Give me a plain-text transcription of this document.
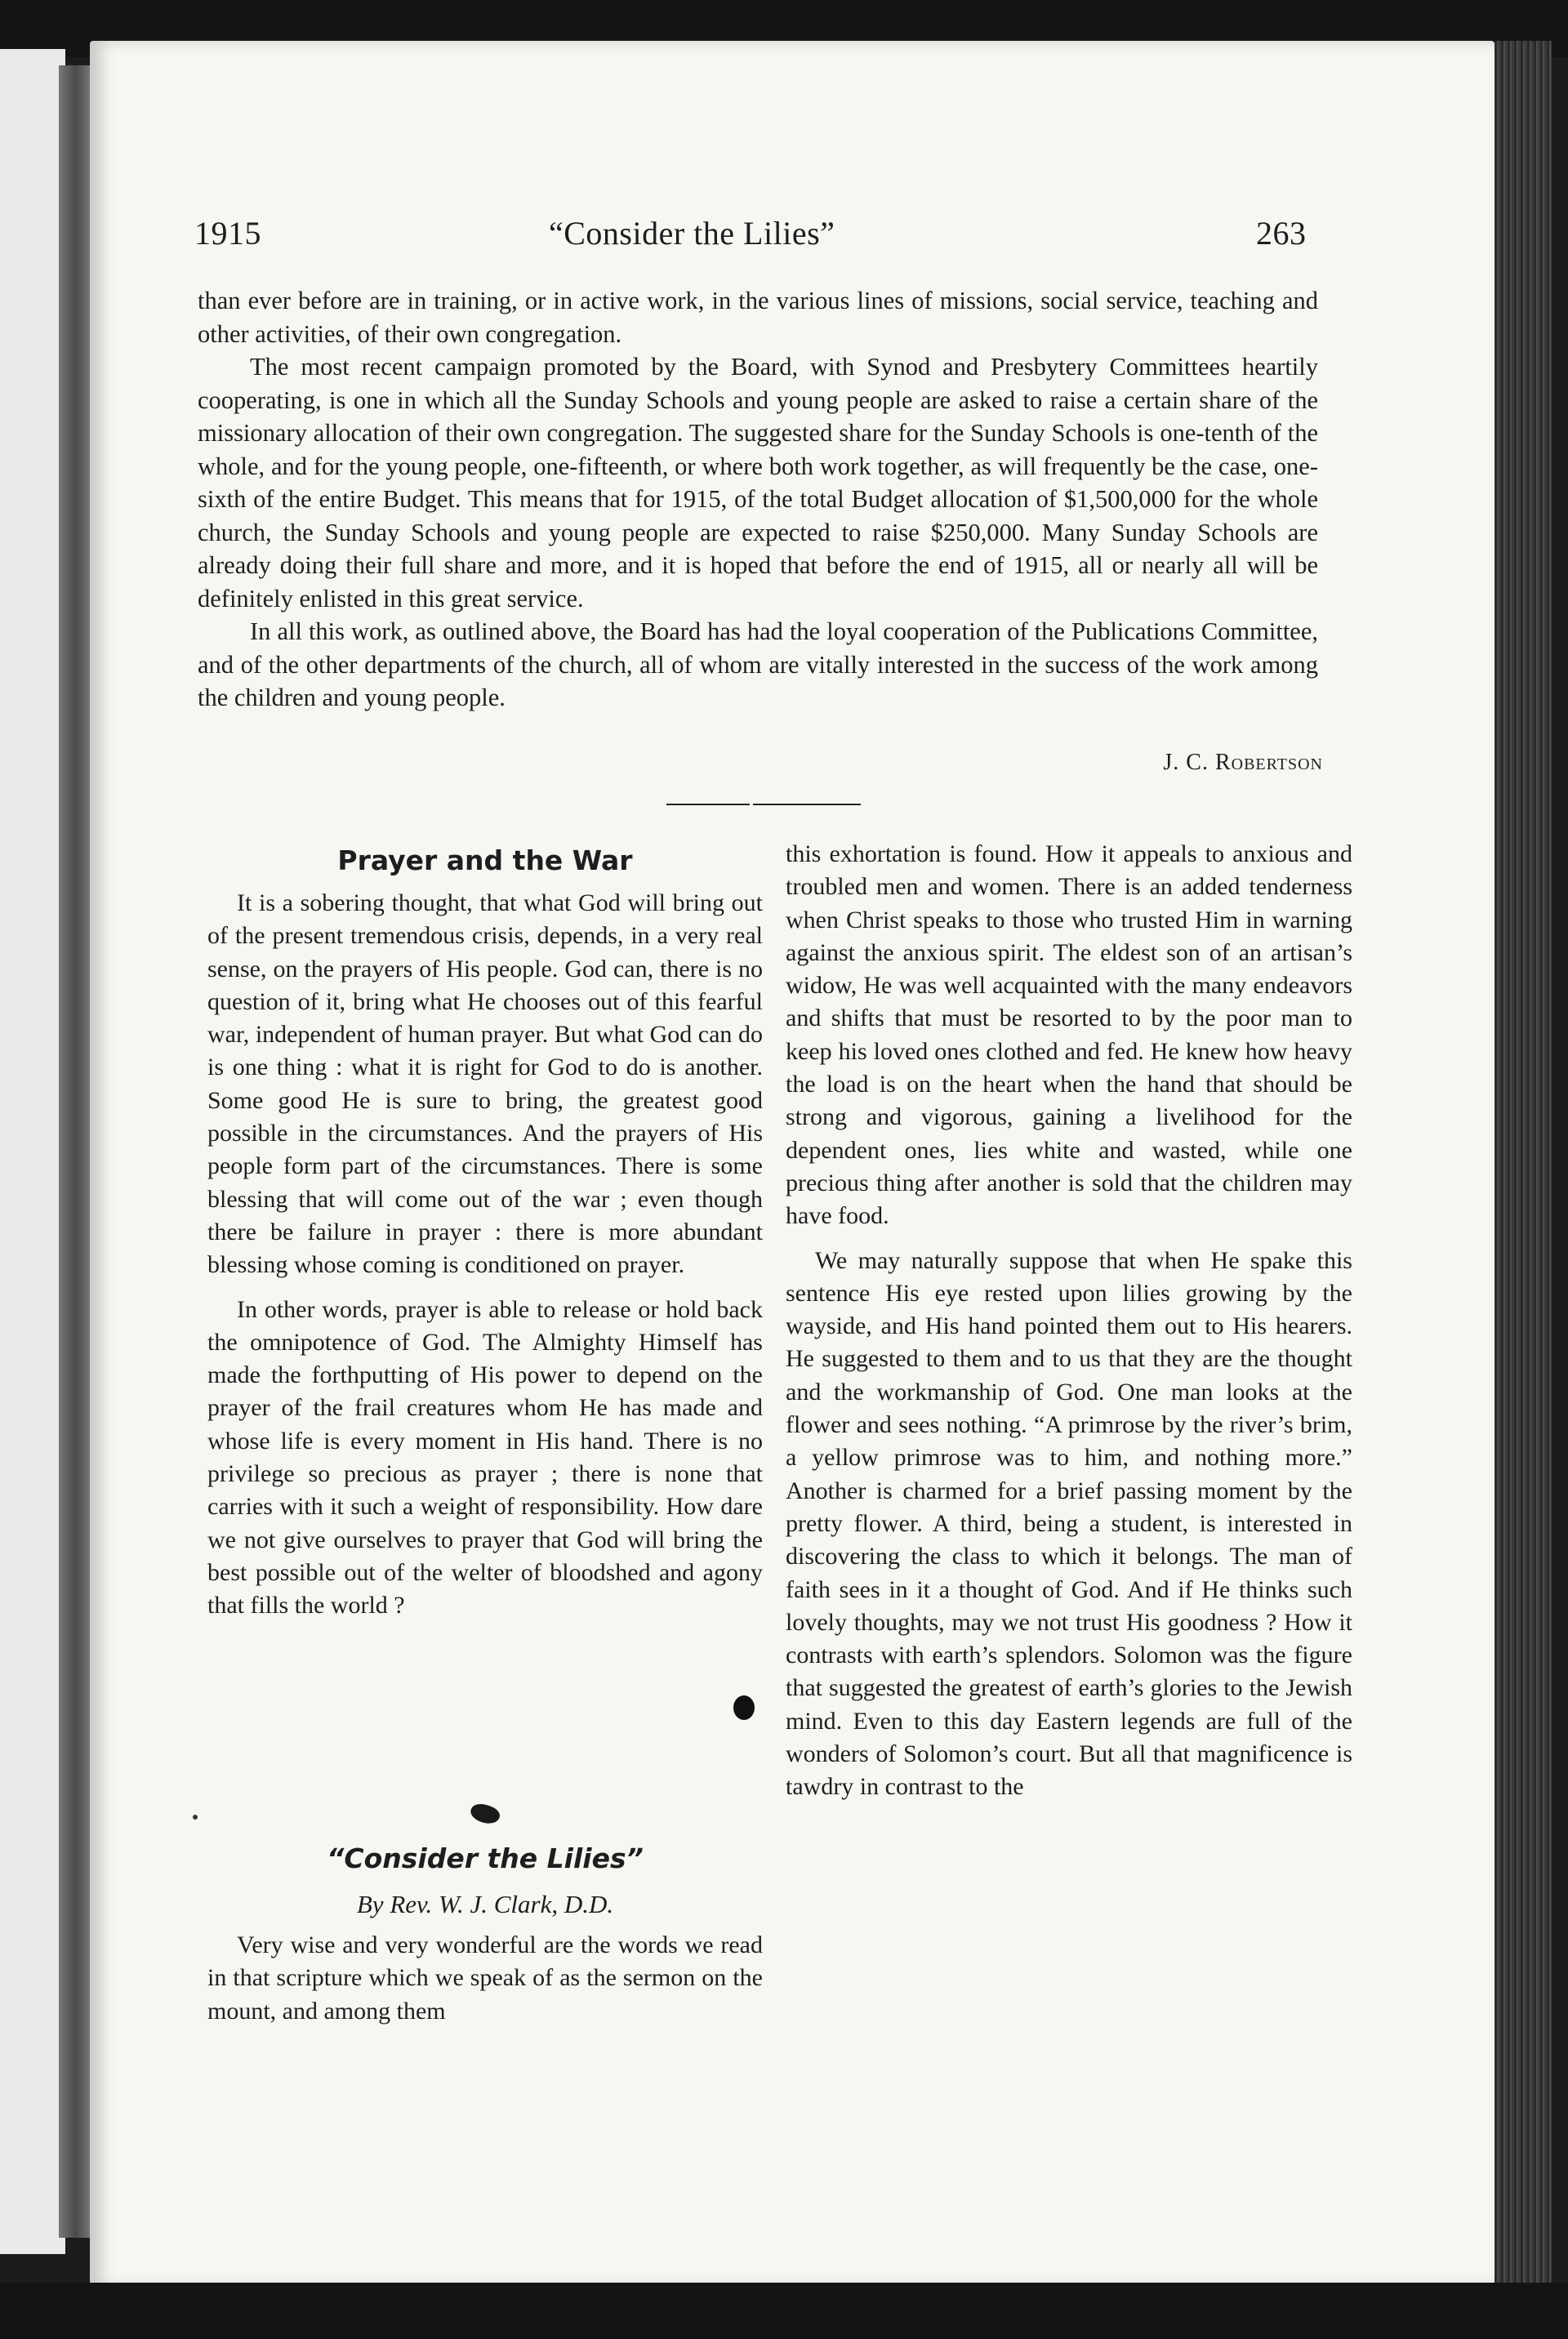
1915	“Consider the Lilies”	263

than ever before are in training, or in active work, in the various lines of missions, social service, teaching and other activities, of their own congregation.

The most recent campaign promoted by the Board, with Synod and Presbytery Committees heartily cooperating, is one in which all the Sunday Schools and young people are asked to raise a certain share of the missionary allocation of their own congregation. The suggested share for the Sunday Schools is one-tenth of the whole, and for the young people, one-fifteenth, or where both work together, as will frequently be the case, one-sixth of the entire Budget. This means that for 1915, of the total Budget allocation of $1,500,000 for the whole church, the Sunday Schools and young people are expected to raise $250,000. Many Sunday Schools are already doing their full share and more, and it is hoped that before the end of 1915, all or nearly all will be definitely enlisted in this great service.

In all this work, as outlined above, the Board has had the loyal cooperation of the Publications Committee, and of the other departments of the church, all of whom are vitally interested in the success of the work among the children and young people.

J. C. Robertson
Prayer and the War

It is a sobering thought, that what God will bring out of the present tremendous crisis, depends, in a very real sense, on the prayers of His people. God can, there is no question of it, bring what He chooses out of this fearful war, independent of human prayer. But what God can do is one thing : what it is right for God to do is another. Some good He is sure to bring, the greatest good possible in the circumstances. And the prayers of His people form part of the circumstances. There is some blessing that will come out of the war ; even though there be failure in prayer : there is more abundant blessing whose coming is conditioned on prayer.

In other words, prayer is able to release or hold back the omnipotence of God. The Almighty Himself has made the forthputting of His power to depend on the prayer of the frail creatures whom He has made and whose life is every moment in His hand. There is no privilege so precious as prayer ; there is none that carries with it such a weight of responsibility. How dare we not give ourselves to prayer that God will bring the best possible out of the welter of bloodshed and agony that fills the world ?

“Consider the Lilies”
By Rev. W. J. Clark, D.D.

Very wise and very wonderful are the words we read in that scripture which we speak of as the sermon on the mount, and among them

this exhortation is found. How it appeals to anxious and troubled men and women. There is an added tenderness when Christ speaks to those who trusted Him in warning against the anxious spirit. The eldest son of an artisan’s widow, He was well acquainted with the many endeavors and shifts that must be resorted to by the poor man to keep his loved ones clothed and fed. He knew how heavy the load is on the heart when the hand that should be strong and vigorous, gaining a livelihood for the dependent ones, lies white and wasted, while one precious thing after another is sold that the children may have food.

We may naturally suppose that when He spake this sentence His eye rested upon lilies growing by the wayside, and His hand pointed them out to His hearers. He suggested to them and to us that they are the thought and the workmanship of God. One man looks at the flower and sees nothing. “A primrose by the river’s brim, a yellow primrose was to him, and nothing more.” Another is charmed for a brief passing moment by the pretty flower. A third, being a student, is interested in discovering the class to which it belongs. The man of faith sees in it a thought of God. And if He thinks such lovely thoughts, may we not trust His goodness ? How it contrasts with earth’s splendors. Solomon was the figure that suggested the greatest of earth’s glories to the Jewish mind. Even to this day Eastern legends are full of the wonders of Solomon’s court. But all that magnificence is tawdry in contrast to the
